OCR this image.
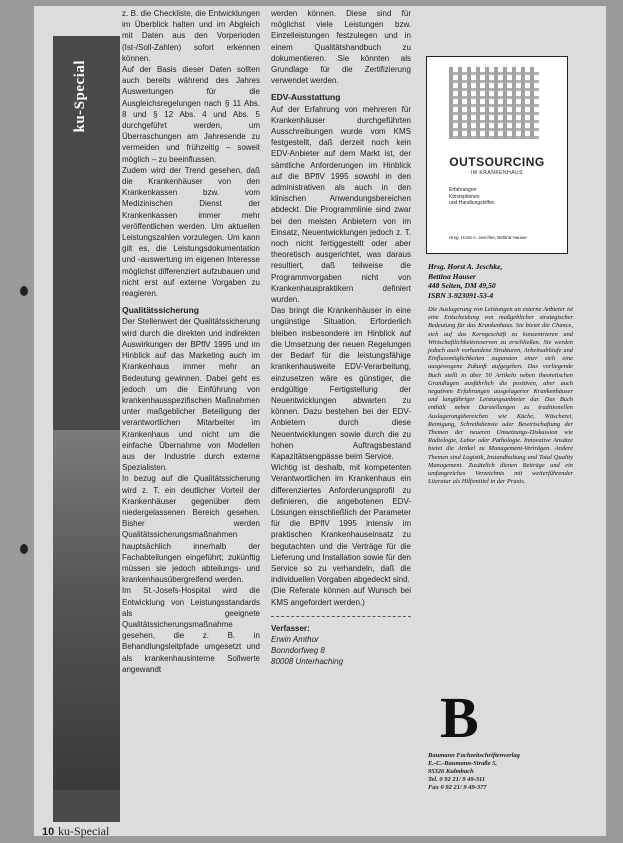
ku-Special

z. B. die Checkliste, die Entwicklungen im Überblick halten und im Abgleich mit Daten aus den Vorperioden (Ist-/Soll-Zahlen) sofort erkennen können.

Auf der Basis dieser Daten sollten auch bereits während des Jahres Auswertungen für die Ausgleichsregelungen nach § 11 Abs. 8 und § 12 Abs. 4 und Abs. 5 durchgeführt werden, um Überraschungen am Jahresende zu vermeiden und frühzeitig – soweit möglich – zu beeinflussen.

Zudem wird der Trend gesehen, daß die Krankenhäuser von den Krankenkassen bzw. vom Medizinischen Dienst der Krankenkassen immer mehr veröffentlichen werden. Um aktuellen Leistungszahlen vorzulegen. Um kann gilt es, die Leistungsdokumentation und -auswertung im eigenen Interesse möglichst differenziert aufzubauen und nicht erst auf externe Vorgaben zu reagieren.

Qualitätssicherung

Der Stellenwert der Qualitätssicherung wird durch die direkten und indirekten Auswirkungen der BPflV 1995 und im Hinblick auf das Marketing auch im Krankenhaus immer mehr an Bedeutung gewinnen. Dabei geht es jedoch um die Einführung von krankenhausspezifischen Maßnahmen unter maßgeblicher Beteiligung der verantwortlichen Mitarbeiter im Krankenhaus und nicht um die einfache Übernahme von Modellen aus der Industrie durch externe Spezialisten.

In bezug auf die Qualitätssicherung wird z. T. ein deutlicher Vorteil der Krankenhäuser gegenüber dem niedergelassenen Bereich gesehen. Bisher werden Qualitätssicherungsmaßnahmen hauptsächlich innerhalb der Fachabteilungen eingeführt; zukünftig müssen sie jedoch abteilungs- und krankenhausübergreifend werden.

Im St.-Josefs-Hospital wird die Entwicklung von Leistungsstandards als geeignete Qualitätssicherungsmaßnahme gesehen, die z. B. in Behandlungsleitpfade umgesetzt und als krankenhausinterne Sollwerte angewandt

werden können. Diese sind für möglichst viele Leistungen bzw. Einzelleistungen festzulegen und in einem Qualitätshandbuch zu dokumentieren. Sie könnten als Grundlage für die Zertifizierung verwendet werden.

EDV-Ausstattung

Auf der Erfahrung von mehreren für Krankenhäuser durchgeführten Ausschreibungen wurde vom KMS festgestellt, daß derzeit noch kein EDV-Anbieter auf dem Markt ist, der sämtliche Anforderungen im Hinblick auf die BPflV 1995 sowohl in den administrativen als auch in den klinischen Anwendungsbereichen abdeckt. Die Programmlinie sind zwar bei den meisten Anbietern von im Einsatz, Neuentwicklungen jedoch z. T. noch nicht fertiggestellt oder aber theoretisch ausgerichtet, was daraus resultiert, daß teilweise die Programmvorgaben nicht von Krankenhauspraktikern definiert wurden.

Das bringt die Krankenhäuser in eine ungünstige Situation. Erforderlich bleiben insbesondere im Hinblick auf die Umsetzung der neuen Regelungen der Bedarf für die leistungsfähige krankenhausweite EDV-Verarbeitung, einzusetzen wäre es günstiger, die endgültige Fertigstellung der Neuentwicklungen abwarten zu können. Dazu bestehen bei der EDV-Anbietern durch diese Neuentwicklungen sowie durch die zu hohen Auftragsbestand Kapazitätsengpässe beim Service.

Wichtig ist deshalb, mit kompetenten Verantwortlichen im Krankenhaus ein differenziertes Anforderungsprofil zu definieren, die angebotenen EDV-Lösungen einschließlich der Parameter für die BPflV 1995 intensiv im praktischen Krankenhauseinsatz zu begutachten und die Verträge für die Lieferung und Installation sowie für den Service so zu verhandeln, daß die individuellen Vorgaben abgedeckt sind.

(Die Referate können auf Wunsch bei KMS angefordert werden.)

Verfasser:

Erwin Amthor

Bonndorfweg 8

80008 Unterhaching

OUTSOURCING
IM KRANKENHAUS
Erfahrungen
Konzeptionen
und Handlungshilfen
Hrsg. Horst A. Jeschke, Bettina Hauser

Hrsg. Horst A. Jeschke,

Bettina Hauser

448 Seiten, DM 49,50

ISBN 3-923091-53-4

Die Auslagerung von Leistungen an externe Anbieter ist eine Entscheidung von maßgeblicher strategischer Bedeutung für das Krankenhaus. Sie bietet die Chance, sich auf das Kerngeschäft zu konzentrieren und Wirtschaftlichkeitsreserven zu erschließen. Sie werden jedoch auch vorhandene Strukturen, Arbeitsabläufe und Einflussmöglichkeiten zugunsten einer sich eine ausgewogene Zukunft aufgegeben. Das vorliegende Buch stellt in über 50 Artikeln neben theoretischen Grundlagen ausführlich die positiven, aber auch negativen Erfahrungen ausgelagerter Krankenhäuser und langjähriger Leistungsanbieter dar. Das Buch enthält neben Darstellungen zu traditionellen Auslagerungsbereichen wie Küche, Wäscherei, Reinigung, Schreibdienste oder Bewirtschaftung der Themen der neueren Umsetzungs-Diskussion wie Radiologie, Labor oder Pathologie. Innovative Ansätze bietet die Artikel zu Management-Verträgen. Andere Themen sind Logistik, Instandhaltung und Total Quality Management. Zusätzlich dienen Beiträge und ein umfangreiches Verzeichnis mit weiterführender Literatur als Hilfsmittel in der Praxis.

B

Baumann Fachzeitschriftenverlag

E.-C.-Baumann-Straße 5,

95326 Kulmbach

Tel. 0 92 21/ 9 49-311

Fax 0 92 21/ 9 49-377

10 ku-Special
